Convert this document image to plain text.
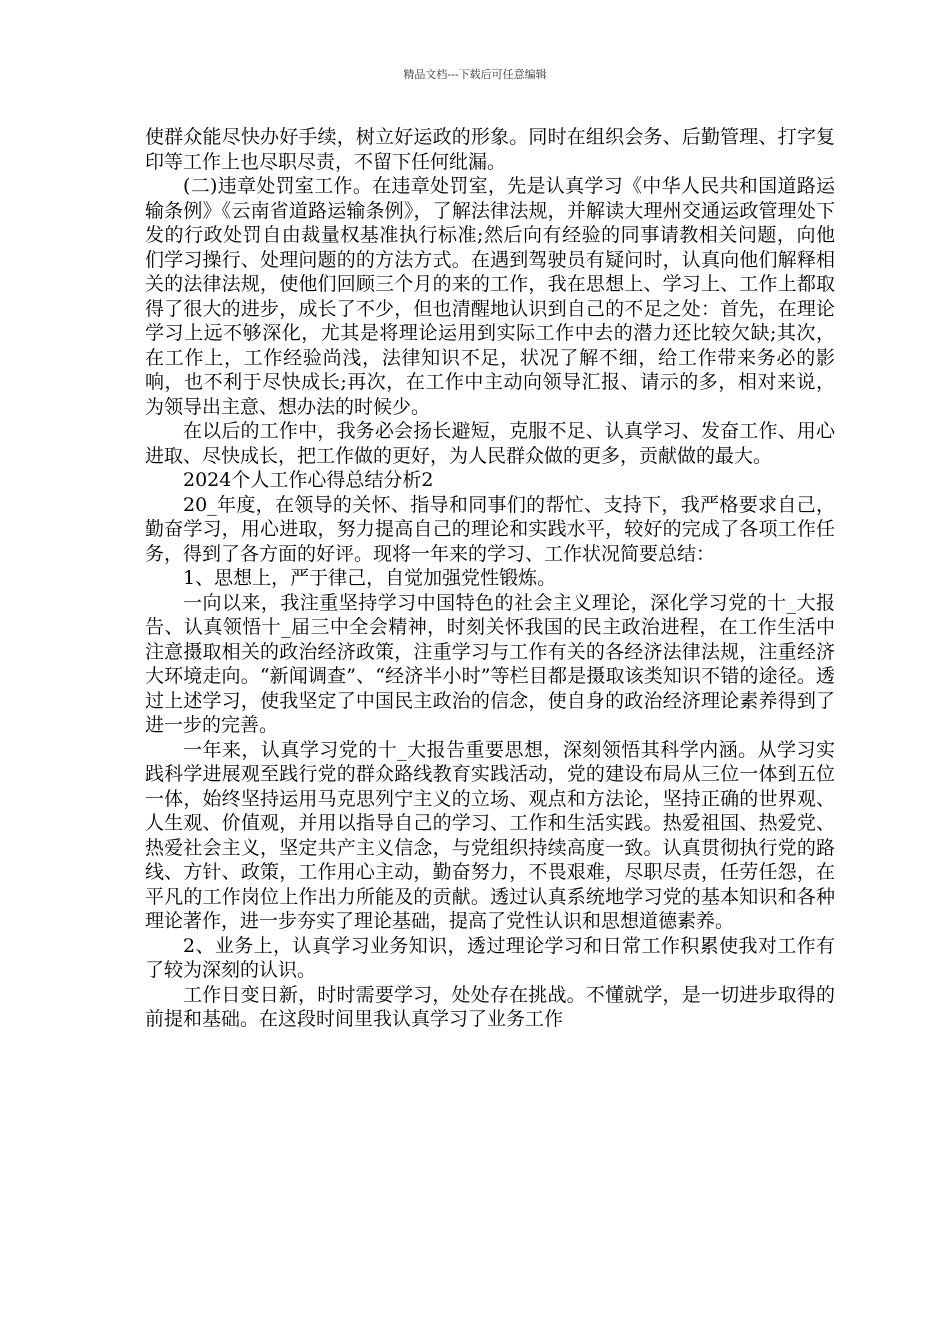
精品文档---下载后可任意编辑

使群众能尽快办好手续，树立好运政的形象。同时在组织会务、后勤管理、打字复印等工作上也尽职尽责，不留下任何纰漏。

(二)违章处罚室工作。在违章处罚室，先是认真学习《中华人民共和国道路运输条例》《云南省道路运输条例》，了解法律法规，并解读大理州交通运政管理处下发的行政处罚自由裁量权基准执行标准;然后向有经验的同事请教相关问题，向他们学习操行、处理问题的的方法方式。在遇到驾驶员有疑问时，认真向他们解释相关的法律法规，使他们回顾三个月的来的工作，我在思想上、学习上、工作上都取得了很大的进步，成长了不少，但也清醒地认识到自己的不足之处：首先，在理论学习上远不够深化，尤其是将理论运用到实际工作中去的潜力还比较欠缺;其次，在工作上，工作经验尚浅，法律知识不足，状况了解不细，给工作带来务必的影响，也不利于尽快成长;再次，在工作中主动向领导汇报、请示的多，相对来说，为领导出主意、想办法的时候少。

在以后的工作中，我务必会扬长避短，克服不足、认真学习、发奋工作、用心进取、尽快成长，把工作做的更好，为人民群众做的更多，贡献做的最大。

2024个人工作心得总结分析2

20_年度，在领导的关怀、指导和同事们的帮忙、支持下，我严格要求自己，勤奋学习，用心进取，努力提高自己的理论和实践水平，较好的完成了各项工作任务，得到了各方面的好评。现将一年来的学习、工作状况简要总结：

1、思想上，严于律己，自觉加强党性锻炼。

一向以来，我注重坚持学习中国特色的社会主义理论，深化学习党的十_大报告、认真领悟十_届三中全会精神，时刻关怀我国的民主政治进程，在工作生活中注意摄取相关的政治经济政策，注重学习与工作有关的各经济法律法规，注重经济大环境走向。“新闻调查”、“经济半小时”等栏目都是摄取该类知识不错的途径。透过上述学习，使我坚定了中国民主政治的信念，使自身的政治经济理论素养得到了进一步的完善。

一年来，认真学习党的十_大报告重要思想，深刻领悟其科学内涵。从学习实践科学进展观至践行党的群众路线教育实践活动，党的建设布局从三位一体到五位一体，始终坚持运用马克思列宁主义的立场、观点和方法论，坚持正确的世界观、人生观、价值观，并用以指导自己的学习、工作和生活实践。热爱祖国、热爱党、热爱社会主义，坚定共产主义信念，与党组织持续高度一致。认真贯彻执行党的路线、方针、政策，工作用心主动，勤奋努力，不畏艰难，尽职尽责，任劳任怨，在平凡的工作岗位上作出力所能及的贡献。透过认真系统地学习党的基本知识和各种理论著作，进一步夯实了理论基础，提高了党性认识和思想道德素养。

2、业务上，认真学习业务知识，透过理论学习和日常工作积累使我对工作有了较为深刻的认识。

工作日变日新，时时需要学习，处处存在挑战。不懂就学，是一切进步取得的前提和基础。在这段时间里我认真学习了业务工作
